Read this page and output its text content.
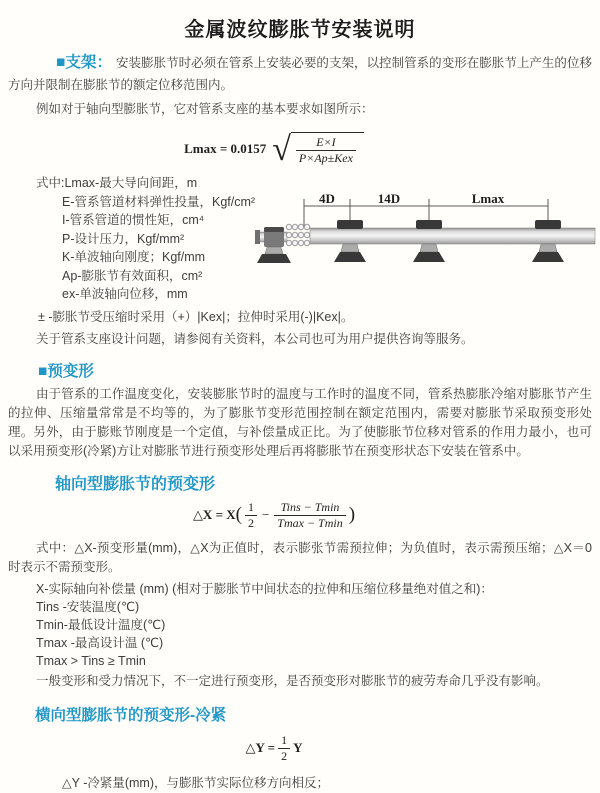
金属波纹膨胀节安装说明

■支架： 安装膨胀节时必须在管系上安装必要的支架，以控制管系的变形在膨胀节上产生的位移方向并限制在膨胀节的额定位移范围内。

例如对于轴向型膨胀节，它对管系支座的基本要求如图所示：

Lmax = 0.0157 √ $\frac{E\times I}{\text{P×Ap±Kex}}$

式中:Lmax-最大导向间距，m

E-管系管道材料弹性投量，Kgf/cm²

I-管系管道的惯性矩，cm⁴

P-设计压力，Kgf/mm²

K-单波轴向刚度；Kgf/mm

Ap-膨胀节有效面积，cm²

ex-单波轴向位移，mm

4D	14D	Lmax

± -膨胀节受压缩时采用（+）|Kex|；拉伸时采用(-)|Kex|。

关于管系支座设计问题，请参阅有关资料，本公司也可为用户提供咨询等服务。

■预变形

由于管系的工作温度变化，安装膨胀节时的温度与工作时的温度不同，管系热膨胀冷缩对膨胀节产生的拉伸、压缩量常常是不均等的，为了膨胀节变形范围控制在额定范围内，需要对膨胀节采取预变形处理。另外，由于膨账节刚度是一个定值，与补偿量成正比。为了使膨胀节位移对管系的作用力最小，也可以采用预变形(冷紧)方让对膨胀节进行预变形处理后再将膨胀节在预变形状态下安装在管系中。

轴向型膨胀节的预变形
△X = X ( $\frac{1}{2} - \frac{\text{Tins − Tmin}}{Tmax - Tmin}$ )

式中：△X-预变形量(mm)，△X为正值时，表示膨张节需预拉伸；为负值时，表示需预压缩；△X＝0时表示不需预变形。

X-实际轴向补偿量 (mm) (相对于膨胀节中间状态的拉伸和压缩位移量绝对值之和)：

Tins -安装温度(℃)

Tmin-最低设计温度(℃)

Tmax -最高设计温 (℃)

Tmax > Tins ≥ Tmin

一般变形和受力情况下，不一定进行预变形，是否预变形对膨胀节的疲劳寿命几乎没有影响。

横向型膨胀节的预变形-冷紧
△Y = $\frac{1}{2}$ Y

△Y -冷紧量(mm)，与膨胀节实际位移方向相反；
